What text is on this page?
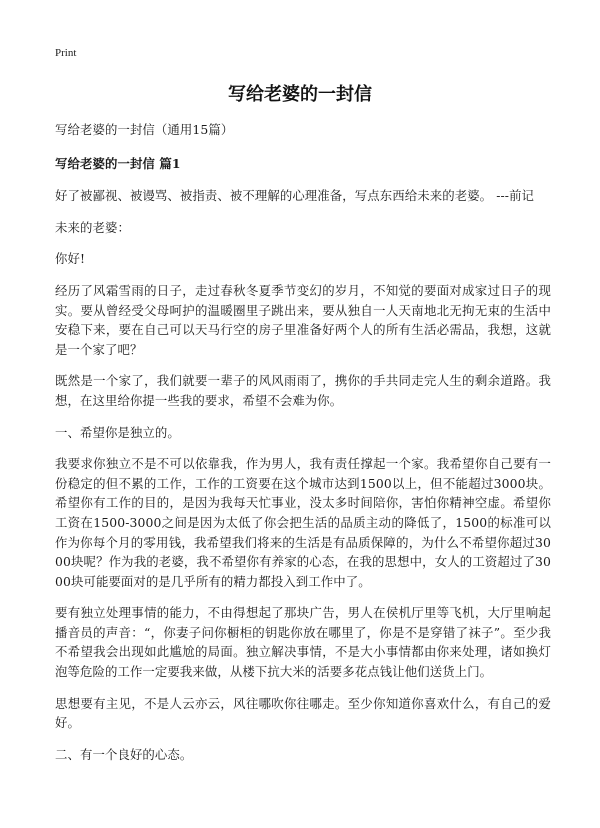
Print
写给老婆的一封信

写给老婆的一封信（通用15篇）

写给老婆的一封信 篇1

好了被鄙视、被谩骂、被指责、被不理解的心理准备，写点东西给未来的老婆。 ---前记

未来的老婆：

你好!

经历了风霜雪雨的日子，走过春秋冬夏季节变幻的岁月，不知觉的要面对成家过日子的现实。要从曾经受父母呵护的温暖圈里子跳出来，要从独自一人天南地北无拘无束的生活中安稳下来，要在自己可以天马行空的房子里准备好两个人的所有生活必需品，我想，这就是一个家了吧？

既然是一个家了，我们就要一辈子的风风雨雨了，携你的手共同走完人生的剩余道路。我想，在这里给你提一些我的要求，希望不会难为你。

一、希望你是独立的。

我要求你独立不是不可以依靠我，作为男人，我有责任撑起一个家。我希望你自己要有一份稳定的但不累的工作，工作的工资要在这个城市达到1500以上，但不能超过3000块。希望你有工作的目的，是因为我每天忙事业，没太多时间陪你，害怕你精神空虚。希望你工资在1500-3000之间是因为太低了你会把生活的品质主动的降低了，1500的标准可以作为你每个月的零用钱，我希望我们将来的生活是有品质保障的，为什么不希望你超过3000块呢？作为我的老婆，我不希望你有养家的心态，在我的思想中，女人的工资超过了3000块可能要面对的是几乎所有的精力都投入到工作中了。

要有独立处理事情的能力，不由得想起了那块广告，男人在侯机厅里等飞机，大厅里响起播音员的声音：“，你妻子问你橱柜的钥匙你放在哪里了，你是不是穿错了袜子”。至少我不希望我会出现如此尴尬的局面。独立解决事情，不是大小事情都由你来处理，诸如换灯泡等危险的工作一定要我来做，从楼下抗大米的活要多花点钱让他们送货上门。

思想要有主见，不是人云亦云，风往哪吹你往哪走。至少你知道你喜欢什么，有自己的爱好。

二、有一个良好的心态。
